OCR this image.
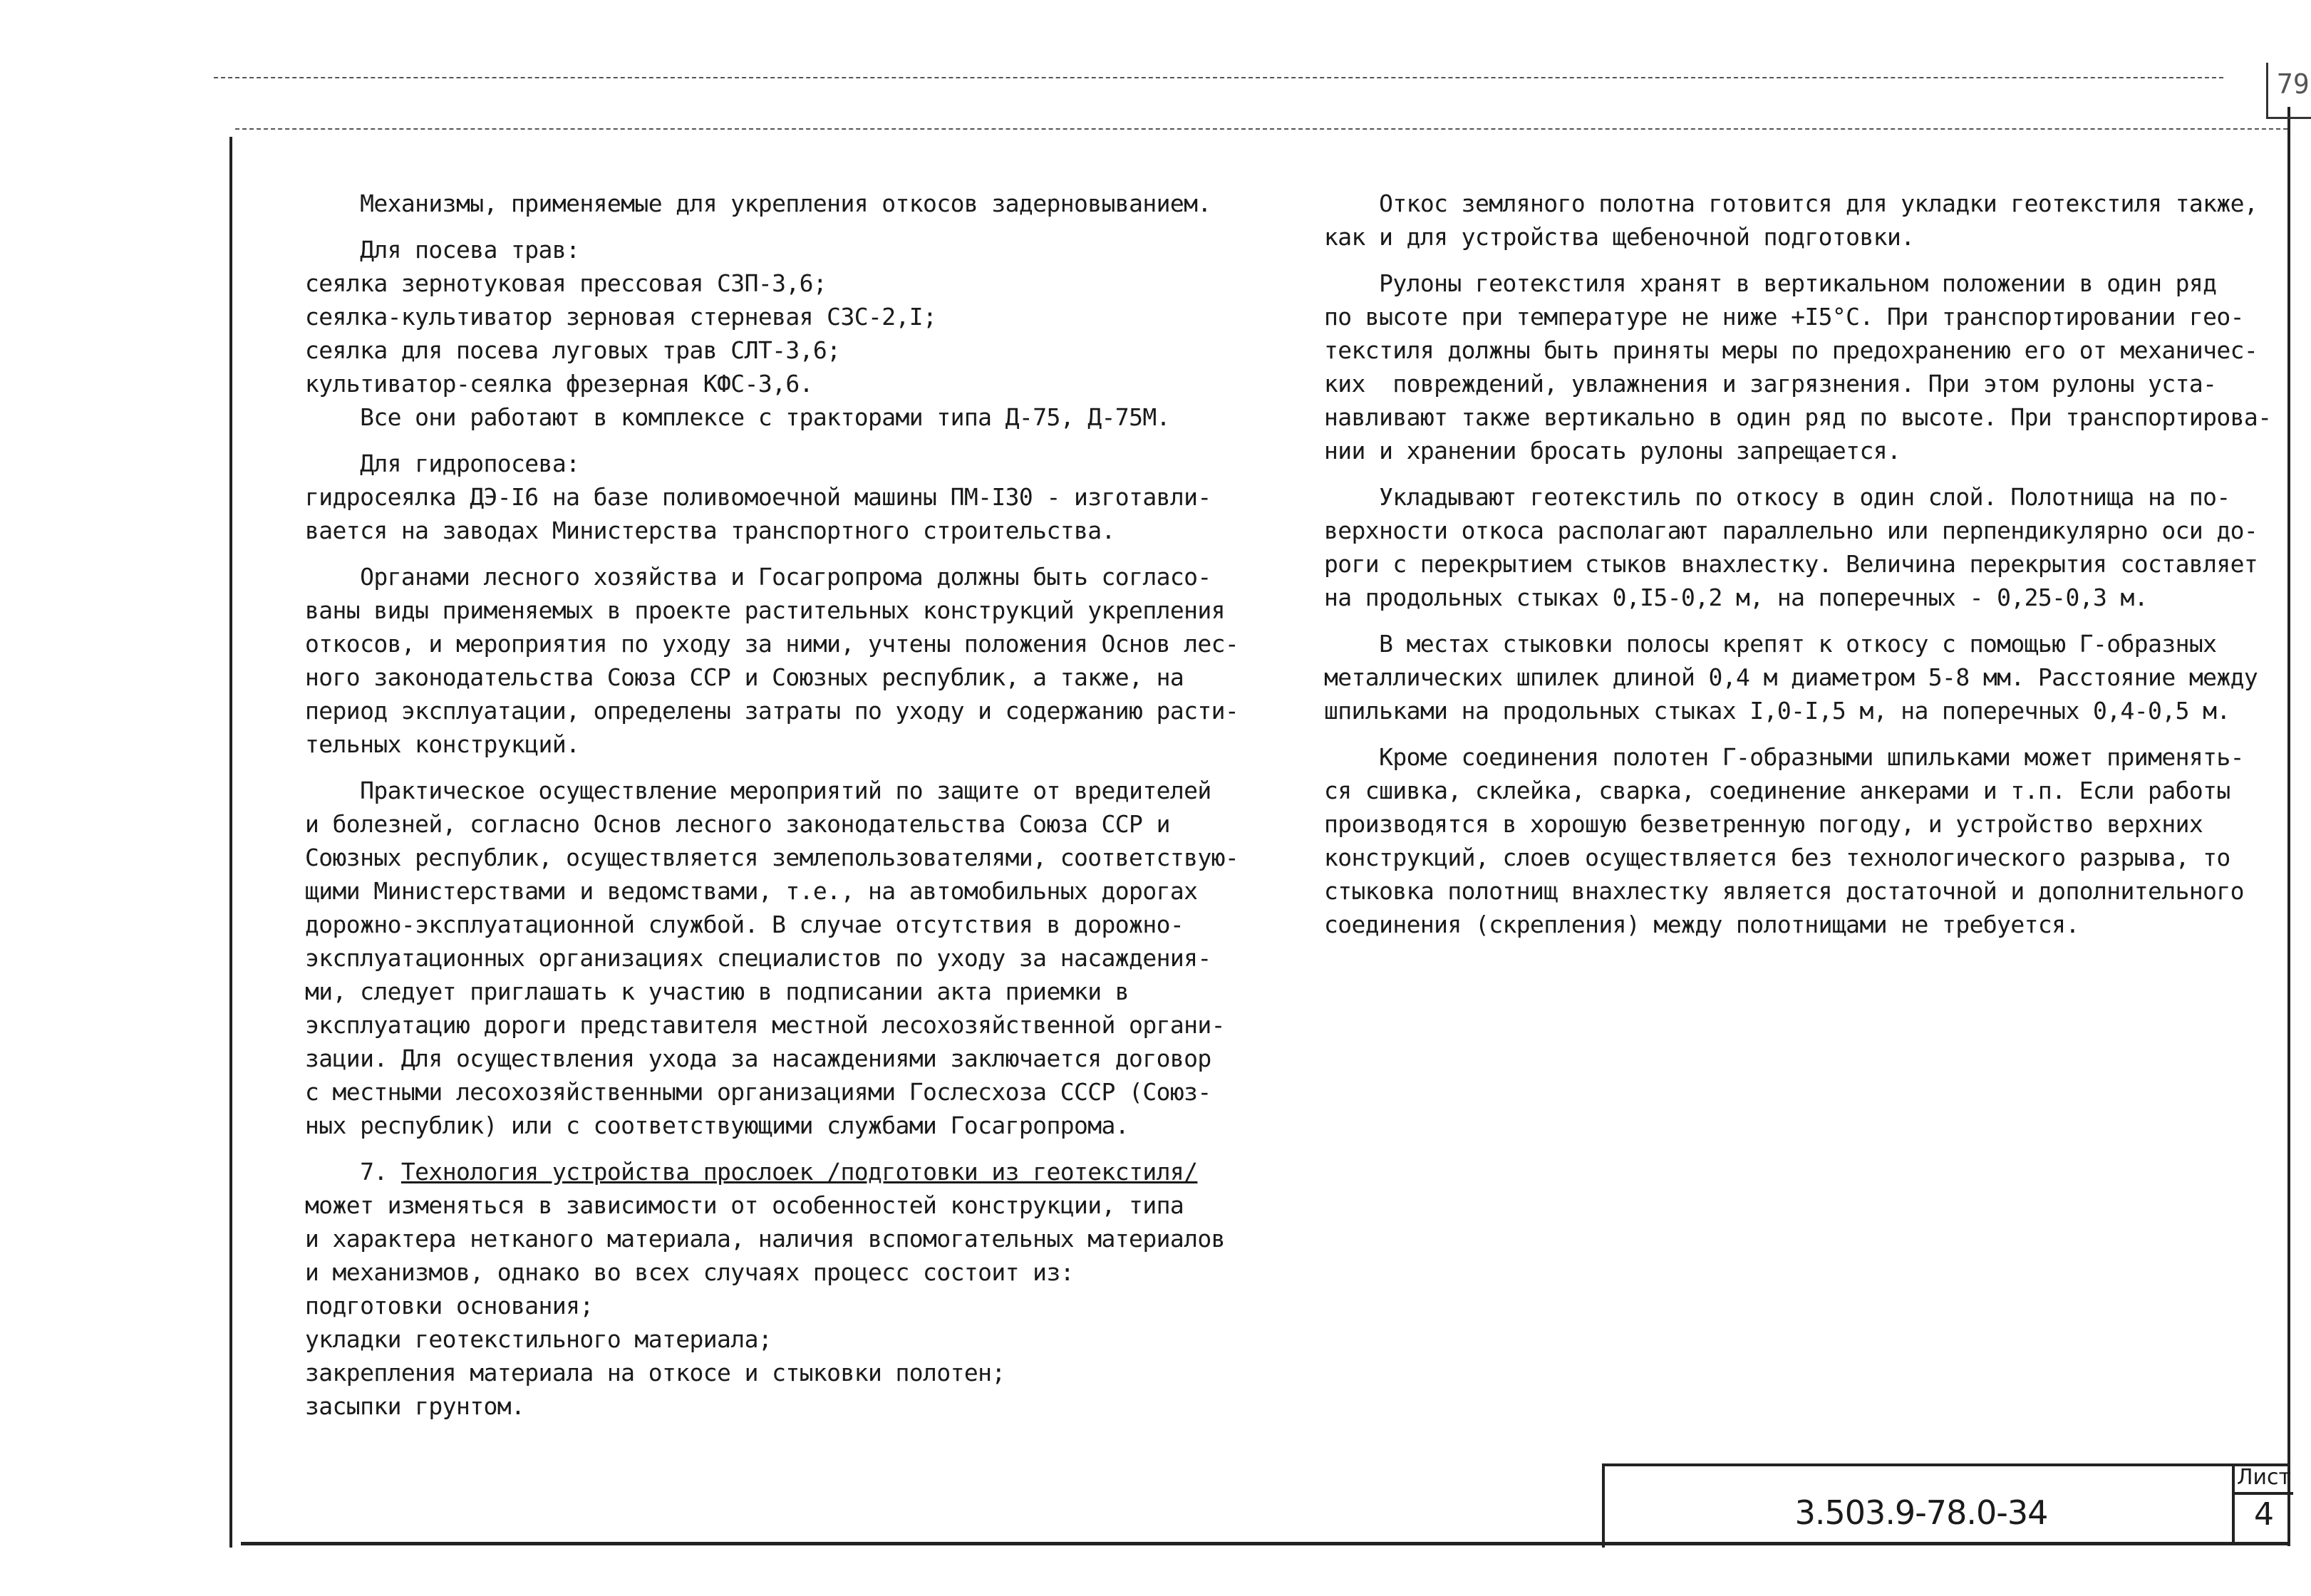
79

Механизмы, применяемые для укрепления откосов задерновыванием.

Для посева трав:

сеялка зернотуковая прессовая СЗП-3,6;

сеялка-культиватор зерновая стерневая СЗС-2,I;

сеялка для посева луговых трав СЛТ-3,6;

культиватор-сеялка фрезерная КФС-3,6.

Все они работают в комплексе с тракторами типа Д-75, Д-75М.

Для гидропосева:

гидросеялка ДЭ-I6 на базе поливомоечной машины ПМ-I30 - изготавли-

вается на заводах Министерства транспортного строительства.

Органами лесного хозяйства и Госагропрома должны быть согласо-

ваны виды применяемых в проекте растительных конструкций укрепления

откосов, и мероприятия по уходу за ними, учтены положения Основ лес-

ного законодательства Союза ССР и Союзных республик, а также, на

период эксплуатации, определены затраты по уходу и содержанию расти-

тельных конструкций.

Практическое осуществление мероприятий по защите от вредителей

и болезней, согласно Основ лесного законодательства Союза ССР и

Союзных республик, осуществляется землепользователями, соответствую-

щими Министерствами и ведомствами, т.е., на автомобильных дорогах

дорожно-эксплуатационной службой. В случае отсутствия в дорожно-

эксплуатационных организациях специалистов по уходу за насаждения-

ми, следует приглашать к участию в подписании акта приемки в

эксплуатацию дороги представителя местной лесохозяйственной органи-

зации. Для осуществления ухода за насаждениями заключается договор

с местными лесохозяйственными организациями Гослесхоза СССР (Союз-

ных республик) или с соответствующими службами Госагропрома.

7. Технология устройства прослоек /подготовки из геотекстиля/

может изменяться в зависимости от особенностей конструкции, типа

и характера нетканого материала, наличия вспомогательных материалов

и механизмов, однако во всех случаях процесс состоит из:

подготовки основания;

укладки геотекстильного материала;

закрепления материала на откосе и стыковки полотен;

засыпки грунтом.

Откос земляного полотна готовится для укладки геотекстиля также,

как и для устройства щебеночной подготовки.

Рулоны геотекстиля хранят в вертикальном положении в один ряд

по высоте при температуре не ниже +I5°С. При транспортировании гео-

текстиля должны быть приняты меры по предохранению его от механичес-

ких  повреждений, увлажнения и загрязнения. При этом рулоны уста-

навливают также вертикально в один ряд по высоте. При транспортирова-

нии и хранении бросать рулоны запрещается.

Укладывают геотекстиль по откосу в один слой. Полотнища на по-

верхности откоса располагают параллельно или перпендикулярно оси до-

роги с перекрытием стыков внахлестку. Величина перекрытия составляет

на продольных стыках 0,I5-0,2 м, на поперечных - 0,25-0,3 м.

В местах стыковки полосы крепят к откосу с помощью Г-образных

металлических шпилек длиной 0,4 м диаметром 5-8 мм. Расстояние между

шпильками на продольных стыках I,0-I,5 м, на поперечных 0,4-0,5 м.

Кроме соединения полотен Г-образными шпильками может применять-

ся сшивка, склейка, сварка, соединение анкерами и т.п. Если работы

производятся в хорошую безветренную погоду, и устройство верхних

конструкций, слоев осуществляется без технологического разрыва, то

стыковка полотнищ внахлестку является достаточной и дополнительного

соединения (скрепления) между полотнищами не требуется.

3.503.9-78.0-34
Лист
4
